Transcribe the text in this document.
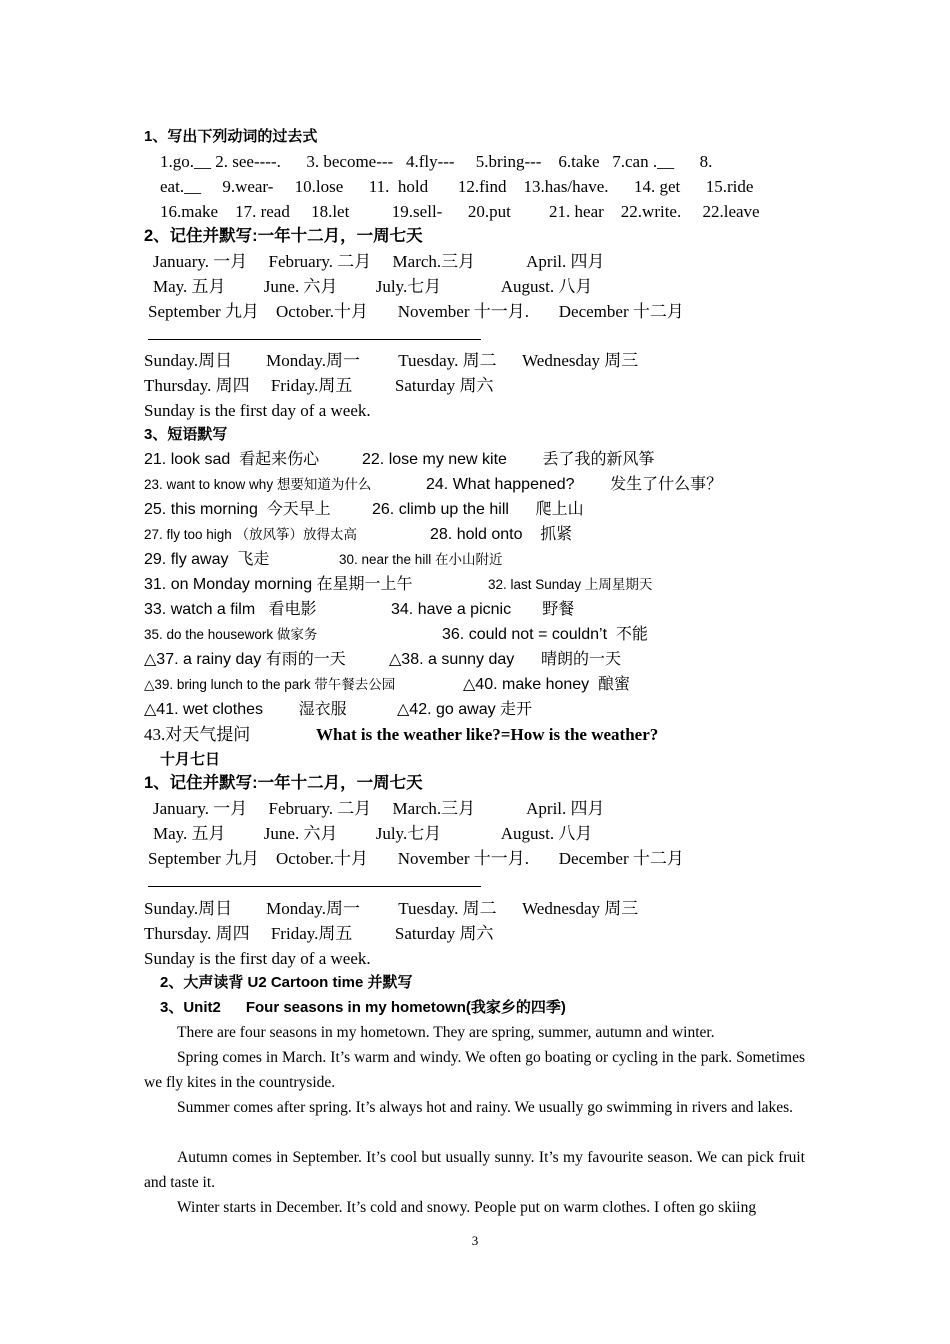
1、写出下列动词的过去式
1.go.__ 2. see----.      3. become---   4.fly---     5.bring---    6.take   7.can .__      8.
eat.__     9.wear-     10.lose      11.  hold       12.find    13.has/have.      14. get      15.ride
16.make    17. read     18.let          19.sell-      20.put         21. hear    22.write.     22.leave
2、记住并默写:一年十二月，一周七天
January. 一月     February. 二月     March.三月            April. 四月
May. 五月         June. 六月         July.七月              August. 八月
September 九月    October.十月       November 十一月.       December 十二月
Sunday.周日        Monday.周一         Tuesday. 周二      Wednesday 周三
Thursday. 周四     Friday.周五          Saturday 周六
Sunday is the first day of a week.
3、短语默写
21. look sad  看起来伤心	22. lose my new kite        丢了我的新风筝
23. want to know why 想要知道为什么	24. What happened?        发生了什么事？
25. this morning  今天早上	26. climb up the hill      爬上山
27. fly too high （放风筝）放得太高	28. hold onto    抓紧
29. fly away  飞走	30. near the hill 在小山附近
31. on Monday morning 在星期一上午	32. last Sunday 上周星期天
33. watch a film   看电影	34. have a picnic       野餐
35. do the housework 做家务	36. could not = couldn’t  不能
△37. a rainy day 有雨的一天	△38. a sunny day      晴朗的一天
△39. bring lunch to the park 带午餐去公园	△40. make honey  酿蜜
△41. wet clothes        湿衣服	△42. go away 走开
43.对天气提问	What is the weather like?=How is the weather?
十月七日
1、记住并默写:一年十二月，一周七天
January. 一月     February. 二月     March.三月            April. 四月
May. 五月         June. 六月         July.七月              August. 八月
September 九月    October.十月       November 十一月.       December 十二月
Sunday.周日        Monday.周一         Tuesday. 周二      Wednesday 周三
Thursday. 周四     Friday.周五          Saturday 周六
Sunday is the first day of a week.
2、大声读背 U2 Cartoon time 并默写
3、Unit2      Four seasons in my hometown(我家乡的四季)
There are four seasons in my hometown. They are spring, summer, autumn and winter.
Spring comes in March. It’s warm and windy. We often go boating or cycling in the park. Sometimes we fly kites in the countryside.
Summer comes after spring. It’s always hot and rainy. We usually go swimming in rivers and lakes.
Autumn comes in September. It’s cool but usually sunny. It’s my favourite season. We can pick fruit and taste it.
Winter starts in December. It’s cold and snowy. People put on warm clothes. I often go skiing
3
